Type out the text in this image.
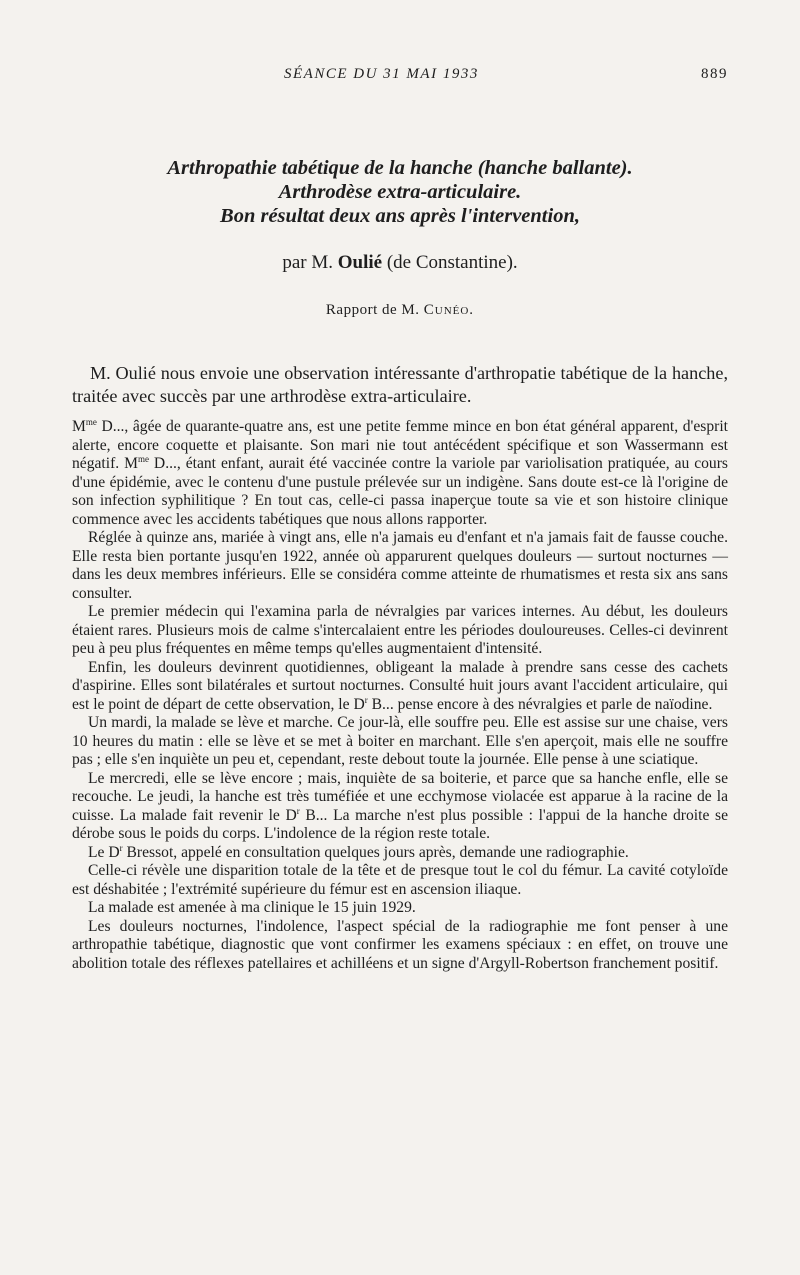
SÉANCE DU 31 MAI 1933	889
Arthropathie tabétique de la hanche (hanche ballante).
Arthrodèse extra-articulaire.
Bon résultat deux ans après l'intervention,
par M. Oulié (de Constantine).
Rapport de M. Cunéo.
M. Oulié nous envoie une observation intéressante d'arthropatie tabétique de la hanche, traitée avec succès par une arthrodèse extra-articulaire.

$M^{me}$ D..., âgée de quarante-quatre ans, est une petite femme mince en bon état général apparent, d'esprit alerte, encore coquette et plaisante. Son mari nie tout antécédent spécifique et son Wassermann est négatif. $M^{me}$ D..., étant enfant, aurait été vaccinée contre la variole par variolisation pratiquée, au cours d'une épidémie, avec le contenu d'une pustule prélevée sur un indigène. Sans doute est-ce là l'origine de son infection syphilitique ? En tout cas, celle-ci passa inaperçue toute sa vie et son histoire clinique commence avec les accidents tabétiques que nous allons rapporter.

Réglée à quinze ans, mariée à vingt ans, elle n'a jamais eu d'enfant et n'a jamais fait de fausse couche. Elle resta bien portante jusqu'en 1922, année où apparurent quelques douleurs — surtout nocturnes — dans les deux membres inférieurs. Elle se considéra comme atteinte de rhumatismes et resta six ans sans consulter.

Le premier médecin qui l'examina parla de névralgies par varices internes. Au début, les douleurs étaient rares. Plusieurs mois de calme s'intercalaient entre les périodes douloureuses. Celles-ci devinrent peu à peu plus fréquentes en même temps qu'elles augmentaient d'intensité.

Enfin, les douleurs devinrent quotidiennes, obligeant la malade à prendre sans cesse des cachets d'aspirine. Elles sont bilatérales et surtout nocturnes. Consulté huit jours avant l'accident articulaire, qui est le point de départ de cette observation, le $D^r$ B... pense encore à des névralgies et parle de naïodine.

Un mardi, la malade se lève et marche. Ce jour-là, elle souffre peu. Elle est assise sur une chaise, vers 10 heures du matin : elle se lève et se met à boiter en marchant. Elle s'en aperçoit, mais elle ne souffre pas ; elle s'en inquiète un peu et, cependant, reste debout toute la journée. Elle pense à une sciatique.

Le mercredi, elle se lève encore ; mais, inquiète de sa boiterie, et parce que sa hanche enfle, elle se recouche. Le jeudi, la hanche est très tuméfiée et une ecchymose violacée est apparue à la racine de la cuisse. La malade fait revenir le $D^r$ B... La marche n'est plus possible : l'appui de la hanche droite se dérobe sous le poids du corps. L'indolence de la région reste totale.

Le $D^r$ Bressot, appelé en consultation quelques jours après, demande une radiographie.

Celle-ci révèle une disparition totale de la tête et de presque tout le col du fémur. La cavité cotyloïde est déshabitée ; l'extrémité supérieure du fémur est en ascension iliaque.

La malade est amenée à ma clinique le 15 juin 1929.

Les douleurs nocturnes, l'indolence, l'aspect spécial de la radiographie me font penser à une arthropathie tabétique, diagnostic que vont confirmer les examens spéciaux : en effet, on trouve une abolition totale des réflexes patellaires et achilléens et un signe d'Argyll-Robertson franchement positif.
